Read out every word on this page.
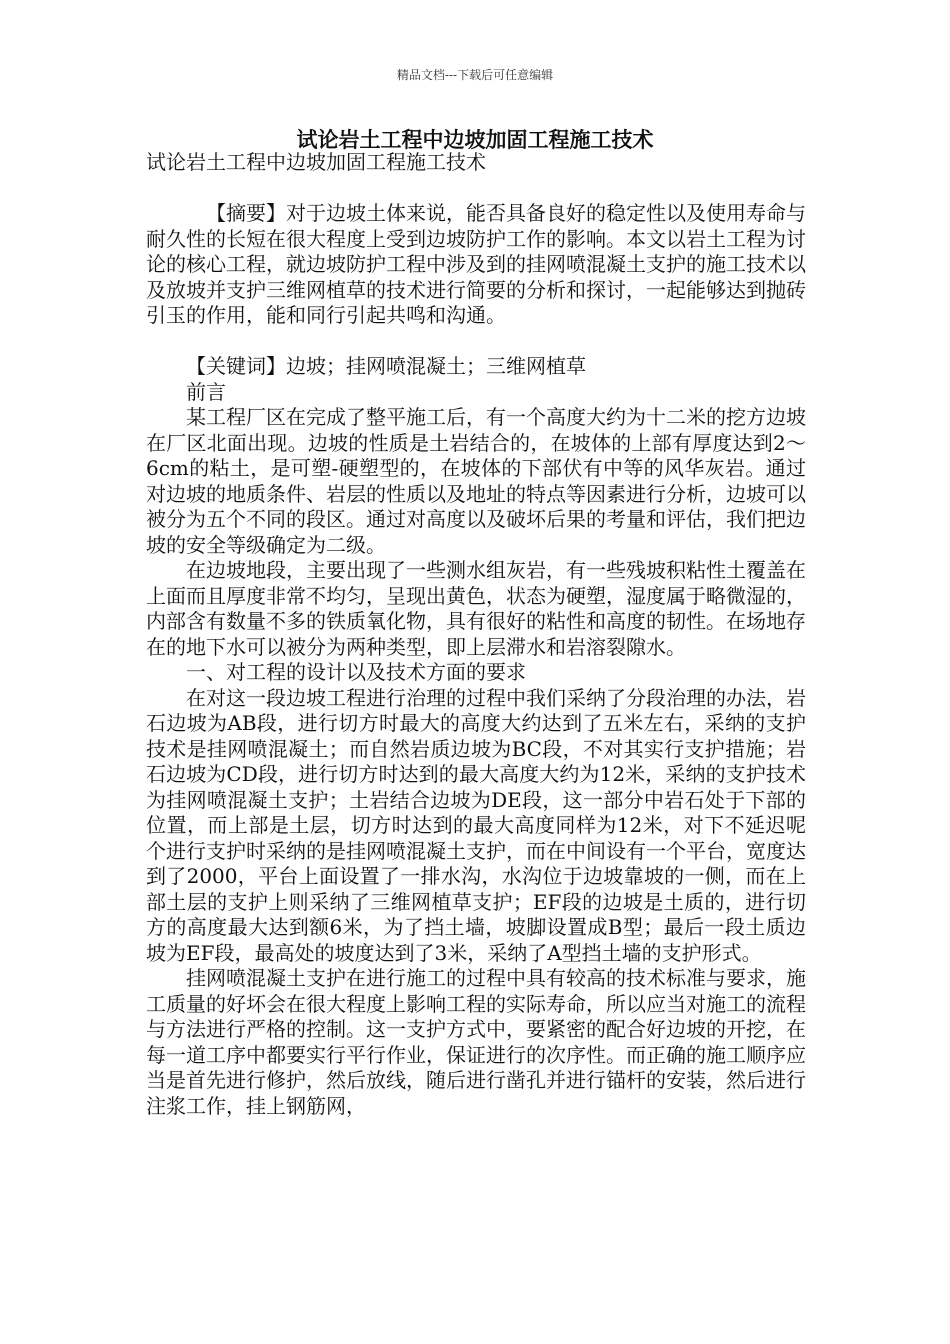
精品文档---下载后可任意编辑
试论岩土工程中边坡加固工程施工技术

试论岩土工程中边坡加固工程施工技术

【摘要】对于边坡土体来说，能否具备良好的稳定性以及使用寿命与耐久性的长短在很大程度上受到边坡防护工作的影响。本文以岩土工程为讨论的核心工程，就边坡防护工程中涉及到的挂网喷混凝土支护的施工技术以及放坡并支护三维网植草的技术进行简要的分析和探讨，一起能够达到抛砖引玉的作用，能和同行引起共鸣和沟通。

【关键词】边坡；挂网喷混凝土；三维网植草

前言

某工程厂区在完成了整平施工后，有一个高度大约为十二米的挖方边坡在厂区北面出现。边坡的性质是土岩结合的，在坡体的上部有厚度达到2～6cm的粘土，是可塑-硬塑型的，在坡体的下部伏有中等的风华灰岩。通过对边坡的地质条件、岩层的性质以及地址的特点等因素进行分析，边坡可以被分为五个不同的段区。通过对高度以及破坏后果的考量和评估，我们把边坡的安全等级确定为二级。

在边坡地段，主要出现了一些测水组灰岩，有一些残坡积粘性土覆盖在上面而且厚度非常不均匀，呈现出黄色，状态为硬塑，湿度属于略微湿的，内部含有数量不多的铁质氧化物，具有很好的粘性和高度的韧性。在场地存在的地下水可以被分为两种类型，即上层滞水和岩溶裂隙水。

一、对工程的设计以及技术方面的要求

在对这一段边坡工程进行治理的过程中我们采纳了分段治理的办法，岩石边坡为AB段，进行切方时最大的高度大约达到了五米左右，采纳的支护技术是挂网喷混凝土；而自然岩质边坡为BC段，不对其实行支护措施；岩石边坡为CD段，进行切方时达到的最大高度大约为12米，采纳的支护技术为挂网喷混凝土支护；土岩结合边坡为DE段，这一部分中岩石处于下部的位置，而上部是土层，切方时达到的最大高度同样为12米，对下不延迟呢个进行支护时采纳的是挂网喷混凝土支护，而在中间设有一个平台，宽度达到了2000，平台上面设置了一排水沟，水沟位于边坡靠坡的一侧，而在上部土层的支护上则采纳了三维网植草支护；EF段的边坡是土质的，进行切方的高度最大达到额6米，为了挡土墙，坡脚设置成B型；最后一段土质边坡为EF段，最高处的坡度达到了3米，采纳了A型挡土墙的支护形式。

挂网喷混凝土支护在进行施工的过程中具有较高的技术标准与要求，施工质量的好坏会在很大程度上影响工程的实际寿命，所以应当对施工的流程与方法进行严格的控制。这一支护方式中，要紧密的配合好边坡的开挖，在每一道工序中都要实行平行作业，保证进行的次序性。而正确的施工顺序应当是首先进行修护，然后放线，随后进行凿孔并进行锚杆的安装，然后进行注浆工作，挂上钢筋网，
